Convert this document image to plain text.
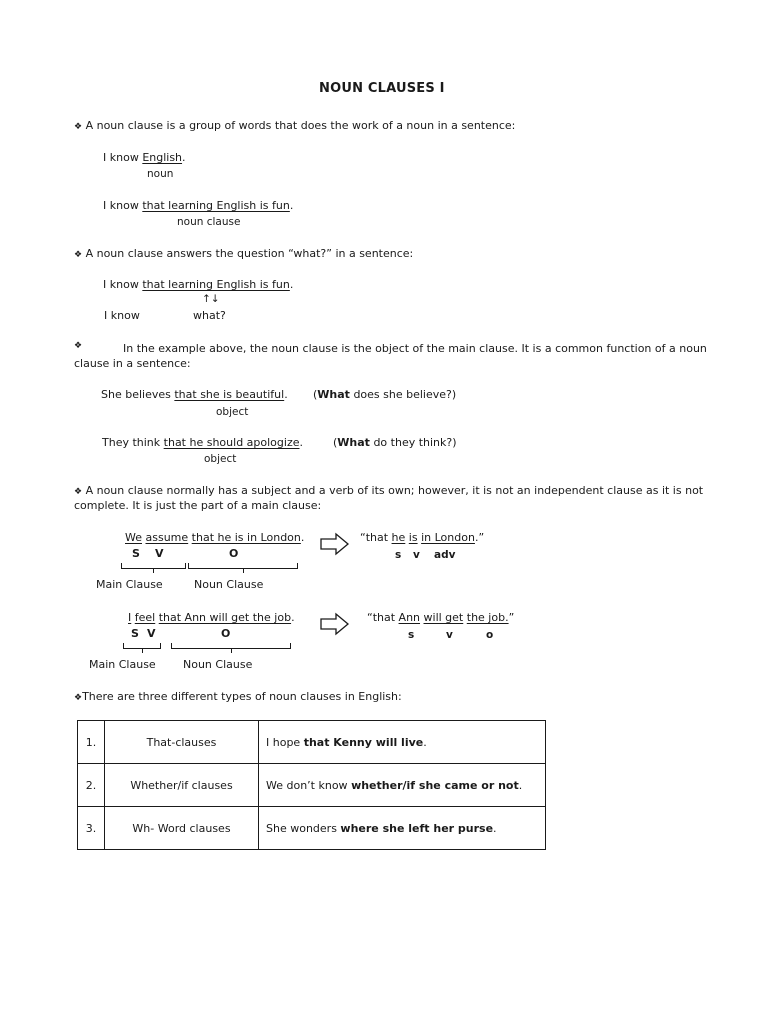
NOUN CLAUSES I
❖ A noun clause is a group of words that does the work of a noun in a sentence:
I know English.
noun
I know that learning English is fun.
noun clause
❖ A noun clause answers the question “what?” in a sentence:
I know that learning English is fun.
↑↓
I know	what?
❖	In the example above, the noun clause is the object of the main clause. It is a common function of a noun
clause in a sentence:
She believes that she is beautiful. (What does she believe?)
object
They think that he should apologize.	(What do they think?)
object
❖ A noun clause normally has a subject and a verb of its own; however, it is not an independent clause as it is not
complete. It is just the part of a main clause:
We assume that he is in London.
S V	O
Main Clause	Noun Clause
“that he is in London.”
s v adv
I feel that Ann will get the job.
S V	O
Main Clause Noun Clause
“that Ann will get the job.”
s	v	o
❖There are three different types of noun clauses in English:
1.	That-clauses	I hope that Kenny will live.
2.	Whether/if clauses	We don’t know whether/if she came or not.
3.	Wh- Word clauses	She wonders where she left her purse.
